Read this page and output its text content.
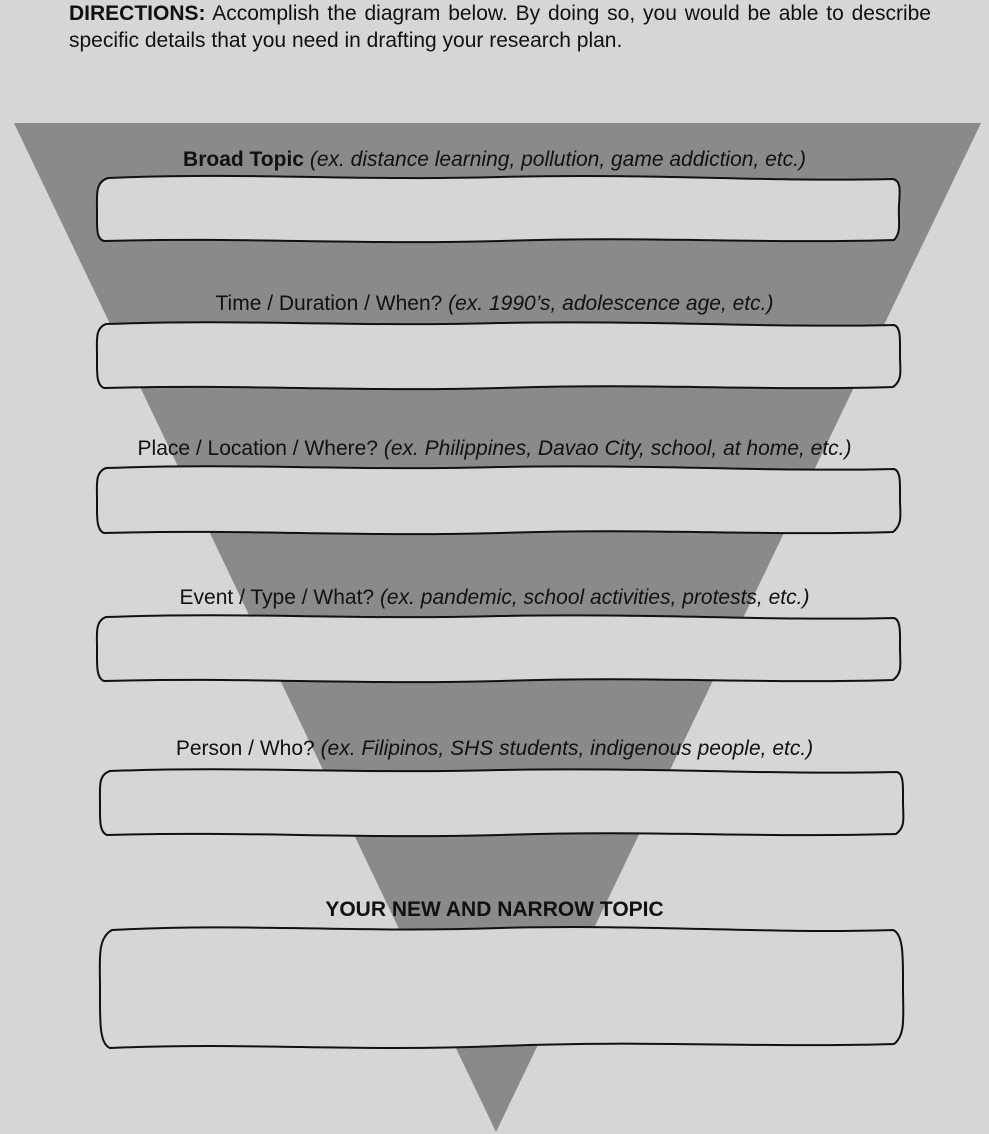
DIRECTIONS: Accomplish the diagram below. By doing so, you would be able to describe specific details that you need in drafting your research plan.

Broad Topic (ex. distance learning, pollution, game addiction, etc.)
Time / Duration / When? (ex. 1990’s, adolescence age, etc.)
Place / Location / Where? (ex. Philippines, Davao City, school, at home, etc.)
Event / Type / What? (ex. pandemic, school activities, protests, etc.)
Person / Who? (ex. Filipinos, SHS students, indigenous people, etc.)
YOUR NEW AND NARROW TOPIC
